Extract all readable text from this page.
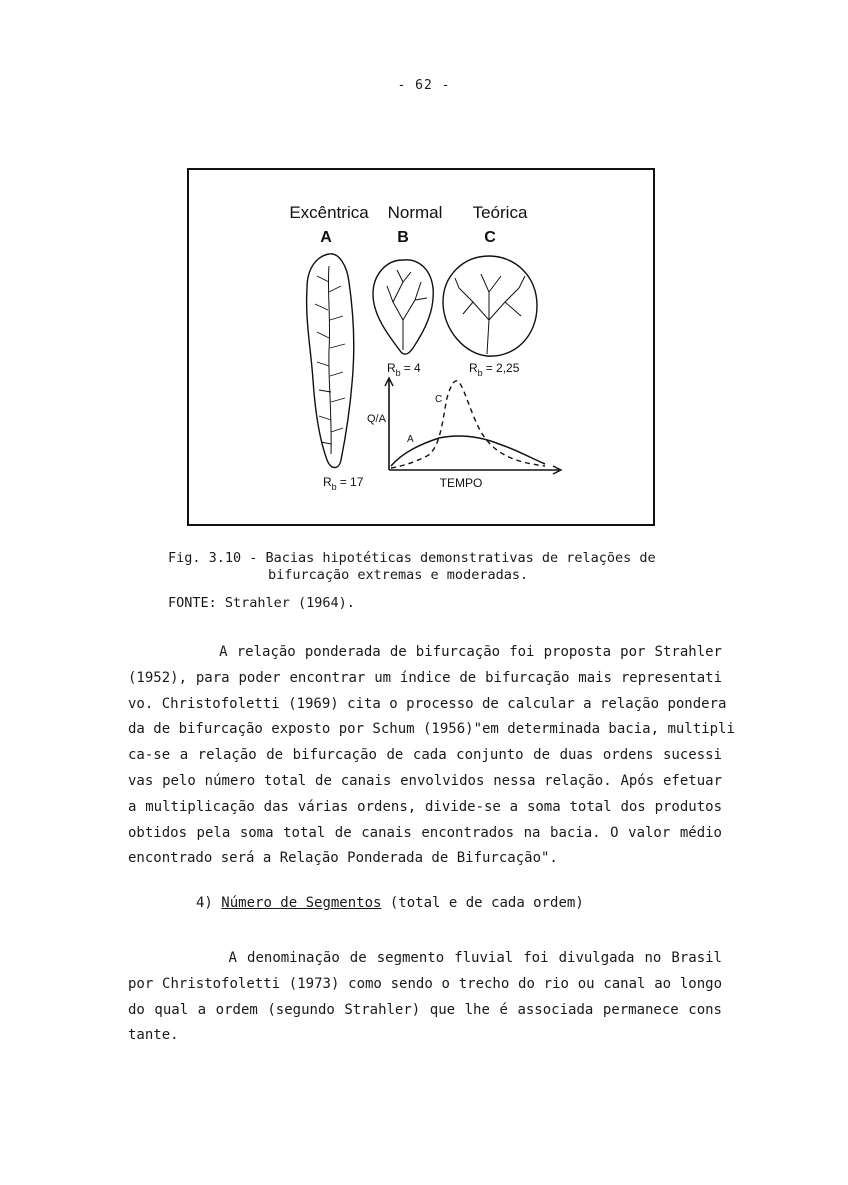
- 62 -
Excêntrica Normal Teórica
A	B	C
$R_b = 4$	$R_b = 2,25$
$R_b = 17$
Q/A
TEMPO
A
C
Fig. 3.10 - Bacias hipotéticas demonstrativas de relações de
bifurcação extremas e moderadas.
FONTE: Strahler (1964).
A relação ponderada de bifurcação foi proposta por Strahler
(1952), para poder encontrar um índice de bifurcação mais representati
vo. Christofoletti (1969) cita o processo de calcular a relação pondera
da de bifurcação exposto por Schum (1956)"em determinada bacia, multipli
ca-se a relação de bifurcação de cada conjunto de duas ordens sucessi
vas pelo número total de canais envolvidos nessa relação. Após efetuar
a multiplicação das várias ordens, divide-se a soma total dos produtos
obtidos pela soma total de canais encontrados na bacia. O valor médio
encontrado será a Relação Ponderada de Bifurcação".
4) Número de Segmentos (total e de cada ordem)
A denominação de segmento fluvial foi divulgada no Brasil
por Christofoletti (1973) como sendo o trecho do rio ou canal ao longo
do qual a ordem (segundo Strahler) que lhe é associada permanece cons
tante.
